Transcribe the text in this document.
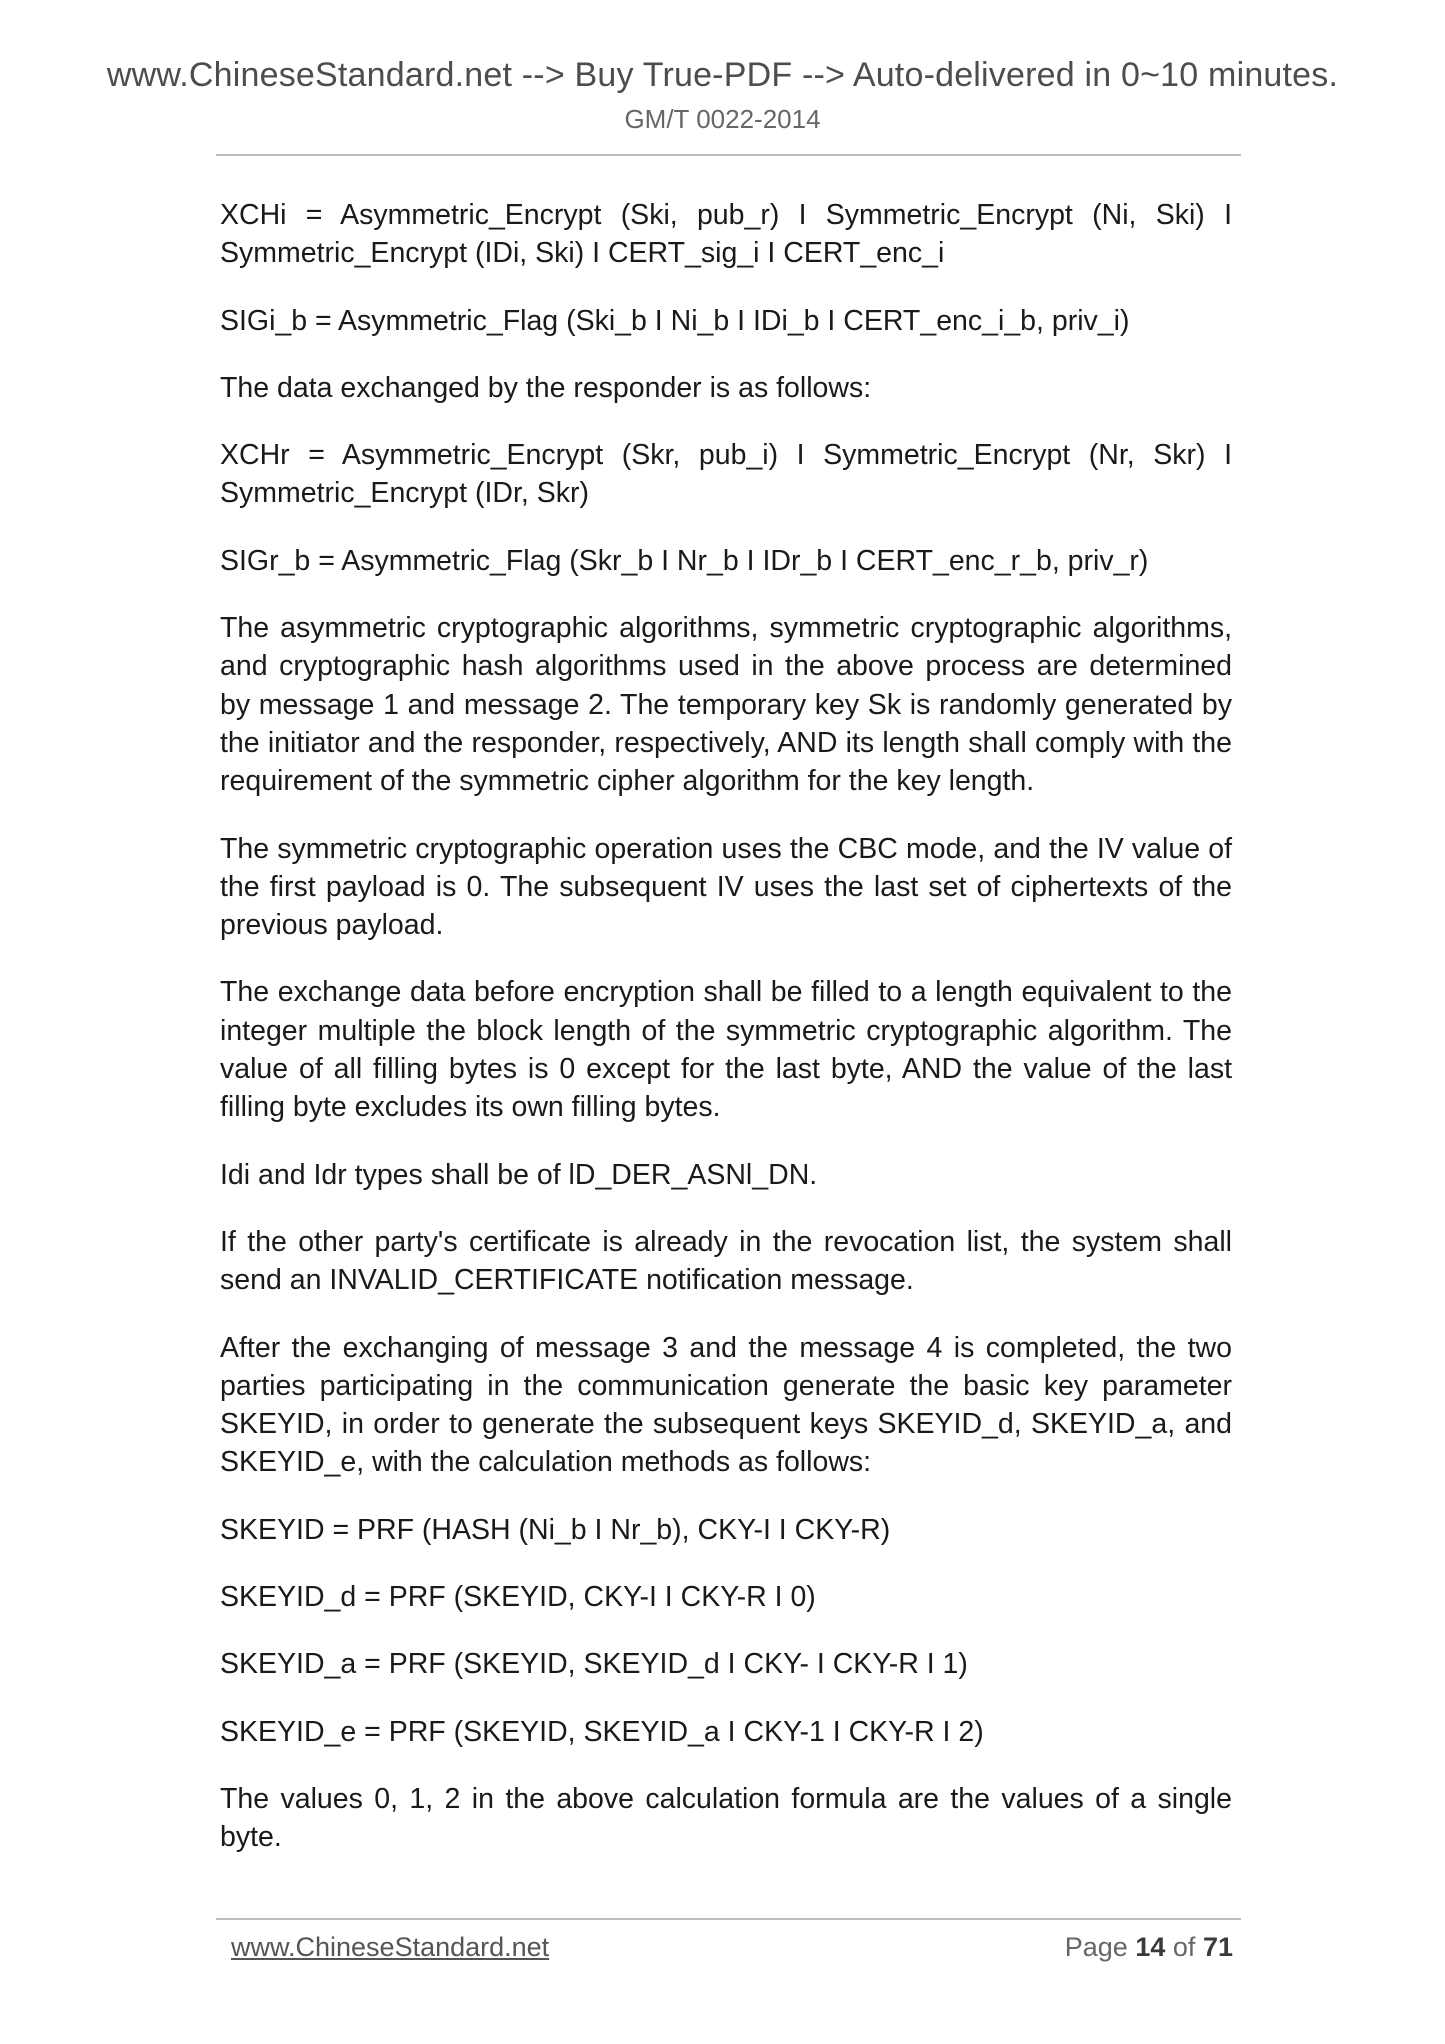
www.ChineseStandard.net --> Buy True-PDF --> Auto-delivered in 0~10 minutes.
GM/T 0022-2014

XCHi = Asymmetric_Encrypt (Ski, pub_r) I Symmetric_Encrypt (Ni, Ski) I Symmetric_Encrypt (IDi, Ski) I CERT_sig_i I CERT_enc_i

SIGi_b = Asymmetric_Flag (Ski_b I Ni_b I IDi_b I CERT_enc_i_b, priv_i)

The data exchanged by the responder is as follows:

XCHr = Asymmetric_Encrypt (Skr, pub_i) I Symmetric_Encrypt (Nr, Skr) I Symmetric_Encrypt (IDr, Skr)

SIGr_b = Asymmetric_Flag (Skr_b I Nr_b I IDr_b I CERT_enc_r_b, priv_r)

The asymmetric cryptographic algorithms, symmetric cryptographic algorithms, and cryptographic hash algorithms used in the above process are determined by message 1 and message 2. The temporary key Sk is randomly generated by the initiator and the responder, respectively, AND its length shall comply with the requirement of the symmetric cipher algorithm for the key length.

The symmetric cryptographic operation uses the CBC mode, and the IV value of the first payload is 0. The subsequent IV uses the last set of ciphertexts of the previous payload.

The exchange data before encryption shall be filled to a length equivalent to the integer multiple the block length of the symmetric cryptographic algorithm. The value of all filling bytes is 0 except for the last byte, AND the value of the last filling byte excludes its own filling bytes.

Idi and Idr types shall be of lD_DER_ASNl_DN.

If the other party's certificate is already in the revocation list, the system shall send an INVALID_CERTIFICATE notification message.

After the exchanging of message 3 and the message 4 is completed, the two parties participating in the communication generate the basic key parameter SKEYID, in order to generate the subsequent keys SKEYID_d, SKEYID_a, and SKEYID_e, with the calculation methods as follows:

SKEYID = PRF (HASH (Ni_b I Nr_b), CKY-I I CKY-R)

SKEYID_d = PRF (SKEYID, CKY-I I CKY-R I 0)

SKEYID_a = PRF (SKEYID, SKEYID_d I CKY- I CKY-R I 1)

SKEYID_e = PRF (SKEYID, SKEYID_a I CKY-1 I CKY-R I 2)

The values 0, 1, 2 in the above calculation formula are the values of a single byte.

www.ChineseStandard.net	Page 14 of 71
